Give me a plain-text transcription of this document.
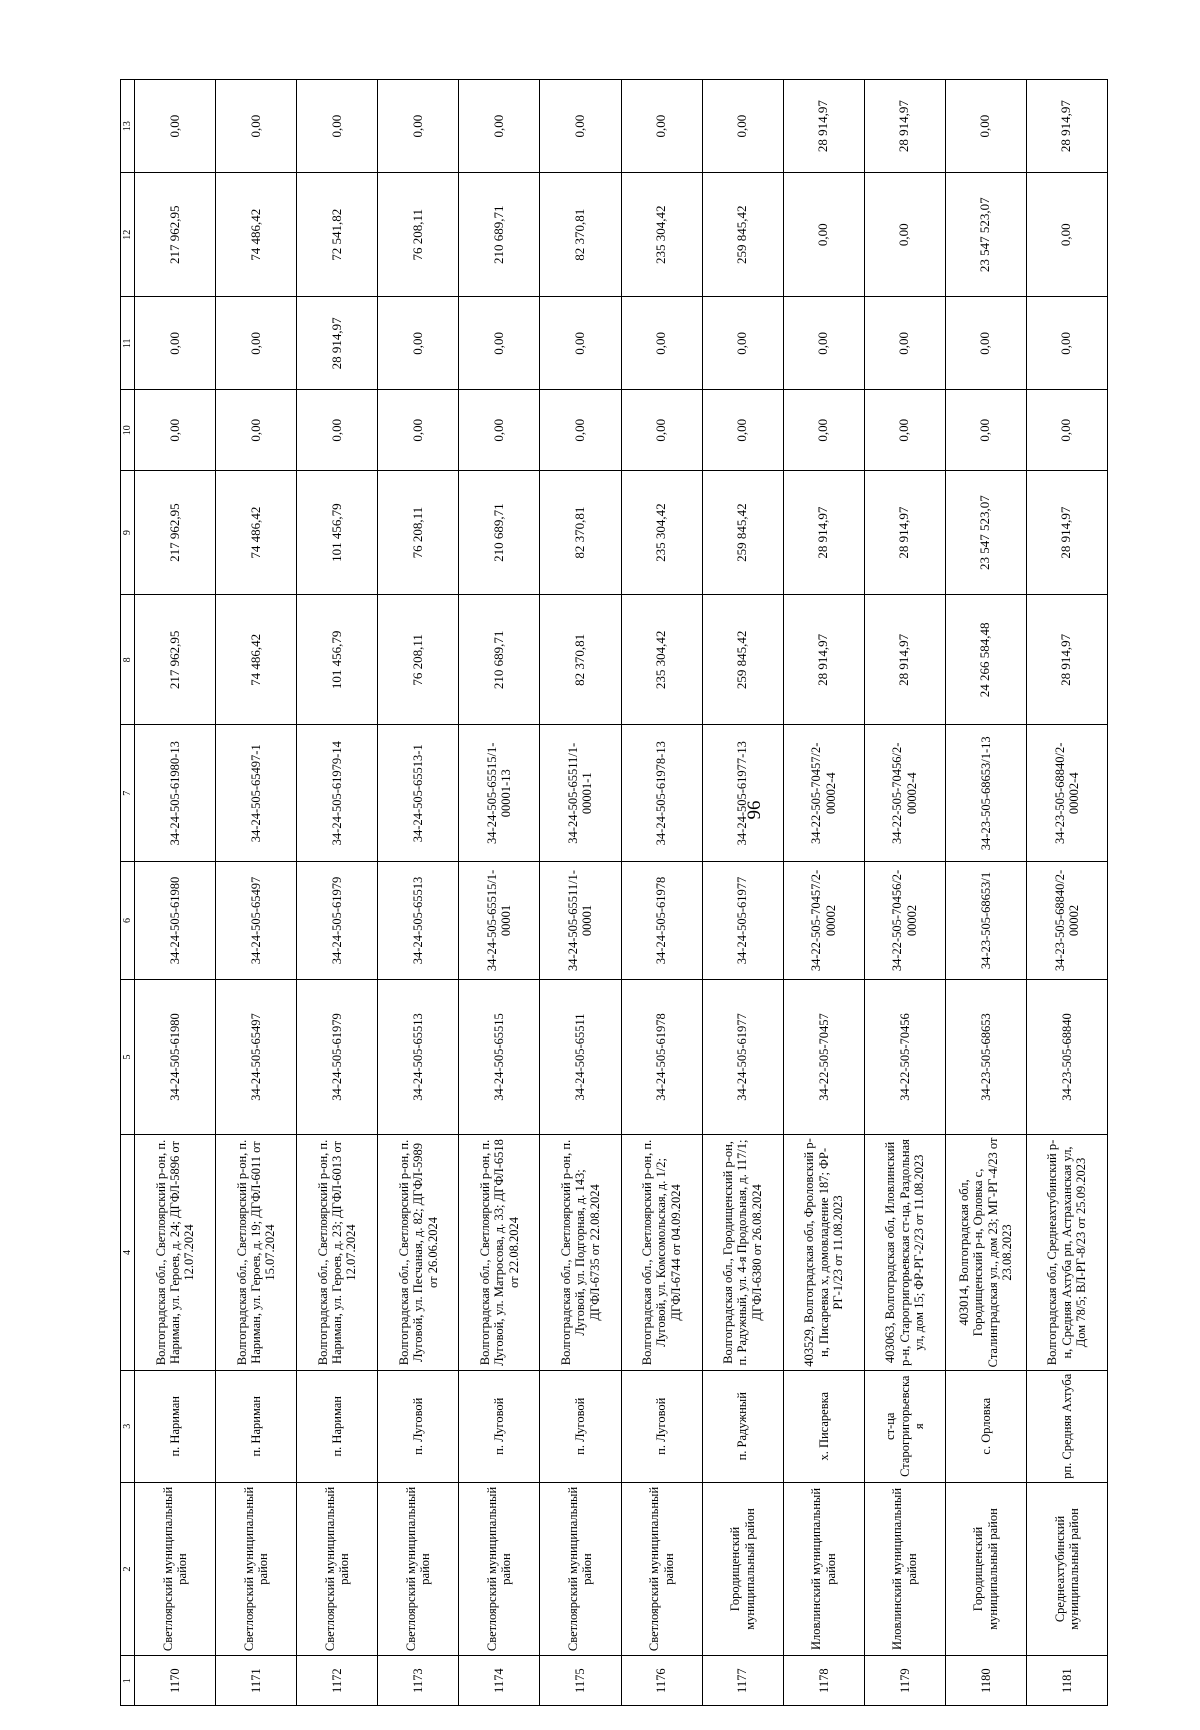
96
1	2	3	4	5	6	7	8	9	10	11	12	13
1170	Светлоярский муниципальный район	п. Нариман	Волгоградская обл., Светлоярский р-он, п. Нариман, ул. Героев, д. 24; ДГФЛ-5896 от 12.07.2024	34-24-505-61980	34-24-505-61980	34-24-505-61980-13	217 962,95	217 962,95	0,00	0,00	217 962,95	0,00
1171	Светлоярский муниципальный район	п. Нариман	Волгоградская обл., Светлоярский р-он, п. Нариман, ул. Героев, д. 19; ДГФЛ-6011 от 15.07.2024	34-24-505-65497	34-24-505-65497	34-24-505-65497-1	74 486,42	74 486,42	0,00	0,00	74 486,42	0,00
1172	Светлоярский муниципальный район	п. Нариман	Волгоградская обл., Светлоярский р-он, п. Нариман, ул. Героев, д. 23; ДГФЛ-6013 от 12.07.2024	34-24-505-61979	34-24-505-61979	34-24-505-61979-14	101 456,79	101 456,79	0,00	28 914,97	72 541,82	0,00
1173	Светлоярский муниципальный район	п. Луговой	Волгоградская обл., Светлоярский р-он, п. Луговой, ул. Песчаная, д. 82; ДГФЛ-5989 от 26.06.2024	34-24-505-65513	34-24-505-65513	34-24-505-65513-1	76 208,11	76 208,11	0,00	0,00	76 208,11	0,00
1174	Светлоярский муниципальный район	п. Луговой	Волгоградская обл., Светлоярский р-он, п. Луговой, ул. Матросова, д. 33; ДГФЛ-6518 от 22.08.2024	34-24-505-65515	34-24-505-65515/1-00001	34-24-505-65515/1-00001-13	210 689,71	210 689,71	0,00	0,00	210 689,71	0,00
1175	Светлоярский муниципальный район	п. Луговой	Волгоградская обл., Светлоярский р-он, п. Луговой, ул. Подгорная, д. 143; ДГФЛ-6735 от 22.08.2024	34-24-505-65511	34-24-505-65511/1-00001	34-24-505-65511/1-00001-1	82 370,81	82 370,81	0,00	0,00	82 370,81	0,00
1176	Светлоярский муниципальный район	п. Луговой	Волгоградская обл., Светлоярский р-он, п. Луговой, ул. Комсомольская, д. 1/2; ДГФЛ-6744 от 04.09.2024	34-24-505-61978	34-24-505-61978	34-24-505-61978-13	235 304,42	235 304,42	0,00	0,00	235 304,42	0,00
1177	Городищенский муниципальный район	п. Радужный	Волгоградская обл., Городищенский р-он, п. Радужный, ул. 4-я Продольная, д. 117/1; ДГФЛ-6380 от 26.08.2024	34-24-505-61977	34-24-505-61977	34-24-505-61977-13	259 845,42	259 845,42	0,00	0,00	259 845,42	0,00
1178	Иловлинский муниципальный район	х. Писаревка	403529, Волгоградская обл, Фроловский р-н, Писаревка х, домовладение 187; ФР-РГ-1/23 от 11.08.2023	34-22-505-70457	34-22-505-70457/2-00002	34-22-505-70457/2-00002-4	28 914,97	28 914,97	0,00	0,00	0,00	28 914,97
1179	Иловлинский муниципальный район	ст-ца Старогригорьевская	403063, Волгоградская обл, Иловлинский р-н, Старогригорьевская ст-ца, Раздольная ул, дом 15; ФР-РГ-2/23 от 11.08.2023	34-22-505-70456	34-22-505-70456/2-00002	34-22-505-70456/2-00002-4	28 914,97	28 914,97	0,00	0,00	0,00	28 914,97
1180	Городищенский муниципальный район	с. Орловка	403014, Волгоградская обл, Городищенский р-н, Орловка с, Сталинградская ул., дом 23; МГ-РГ-4/23 от 23.08.2023	34-23-505-68653	34-23-505-68653/1	34-23-505-68653/1-13	24 266 584,48	23 547 523,07	0,00	0,00	23 547 523,07	0,00
1181	Среднеахтубинский муниципальный район	рп. Средняя Ахтуба	Волгоградская обл, Среднеахтубинский р-н, Средняя Ахтуба рп, Астраханская ул, Дом 78/5; ВЛ-РГ-8/23 от 25.09.2023	34-23-505-68840	34-23-505-68840/2-00002	34-23-505-68840/2-00002-4	28 914,97	28 914,97	0,00	0,00	0,00	28 914,97
